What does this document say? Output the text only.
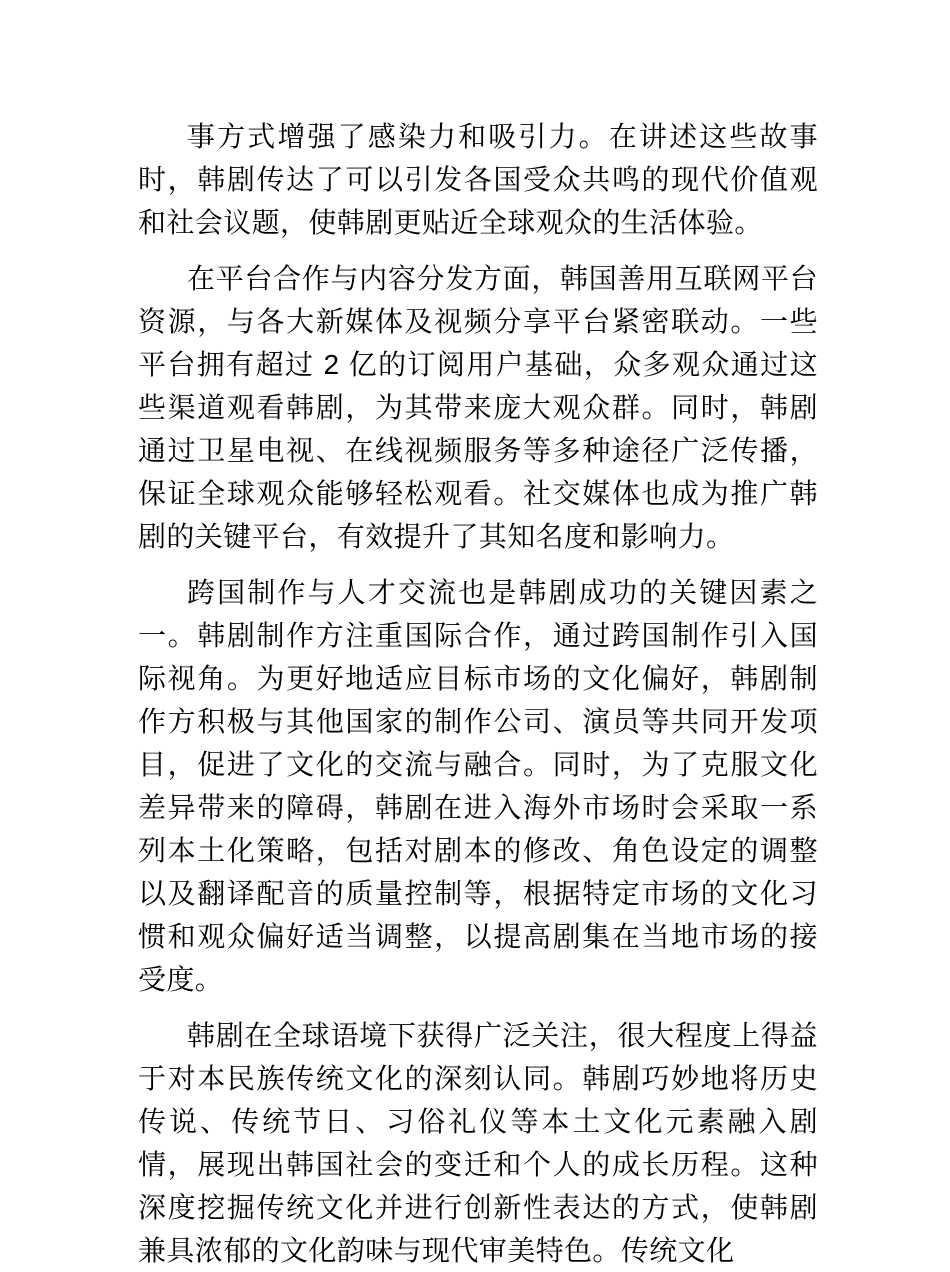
事方式增强了感染力和吸引力。在讲述这些故事时，韩剧传达了可以引发各国受众共鸣的现代价值观和社会议题，使韩剧更贴近全球观众的生活体验。

在平台合作与内容分发方面，韩国善用互联网平台资源，与各大新媒体及视频分享平台紧密联动。一些平台拥有超过 2 亿的订阅用户基础，众多观众通过这些渠道观看韩剧，为其带来庞大观众群。同时，韩剧通过卫星电视、在线视频服务等多种途径广泛传播，保证全球观众能够轻松观看。社交媒体也成为推广韩剧的关键平台，有效提升了其知名度和影响力。

跨国制作与人才交流也是韩剧成功的关键因素之一。韩剧制作方注重国际合作，通过跨国制作引入国际视角。为更好地适应目标市场的文化偏好，韩剧制作方积极与其他国家的制作公司、演员等共同开发项目，促进了文化的交流与融合。同时，为了克服文化差异带来的障碍，韩剧在进入海外市场时会采取一系列本土化策略，包括对剧本的修改、角色设定的调整以及翻译配音的质量控制等，根据特定市场的文化习惯和观众偏好适当调整，以提高剧集在当地市场的接受度。

韩剧在全球语境下获得广泛关注，很大程度上得益于对本民族传统文化的深刻认同。韩剧巧妙地将历史传说、传统节日、习俗礼仪等本土文化元素融入剧情，展现出韩国社会的变迁和个人的成长历程。这种深度挖掘传统文化并进行创新性表达的方式，使韩剧兼具浓郁的文化韵味与现代审美特色。传统文化
